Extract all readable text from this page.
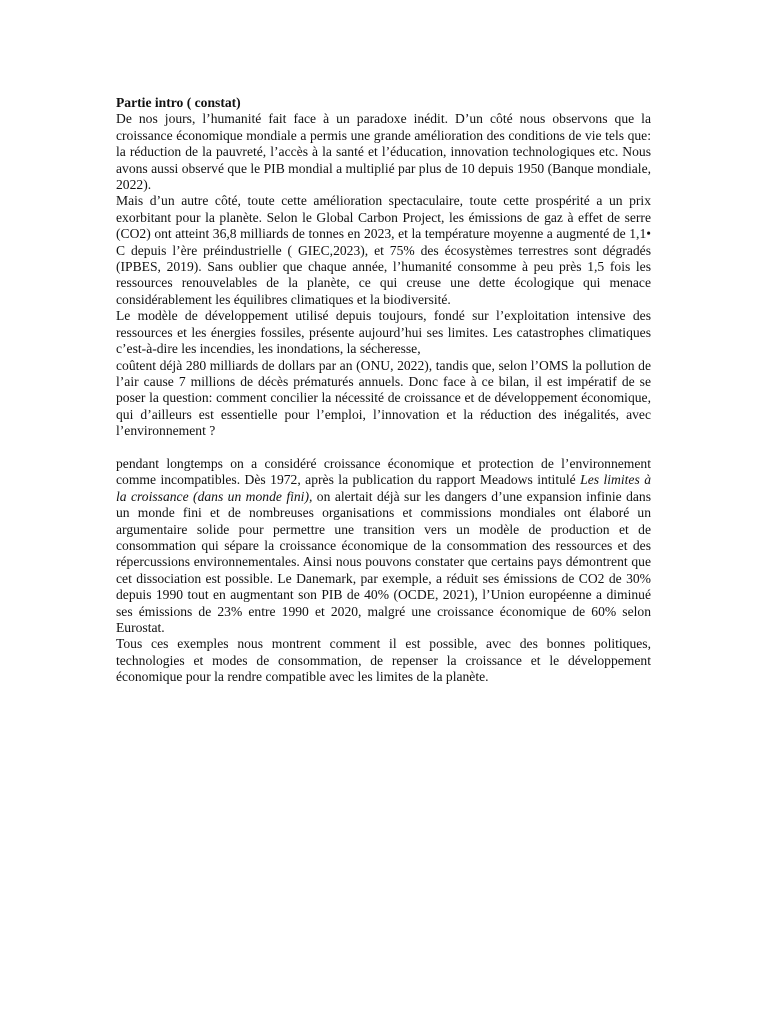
Partie intro ( constat)

De nos jours, l’humanité fait face à un paradoxe inédit. D’un côté nous observons que la croissance économique mondiale a permis une grande amélioration des conditions de vie tels que: la réduction de la pauvreté, l’accès à la santé et l’éducation, innovation technologiques etc. Nous avons aussi observé que le PIB mondial a multiplié par plus de 10 depuis 1950 (Banque mondiale, 2022).

Mais d’un autre côté, toute cette amélioration spectaculaire, toute cette prospérité a un prix exorbitant pour la planète. Selon le Global Carbon Project, les émissions de gaz à effet de serre (CO2) ont atteint 36,8 milliards de tonnes en 2023, et la température moyenne a augmenté de 1,1• C depuis l’ère préindustrielle ( GIEC,2023), et 75% des écosystèmes terrestres sont dégradés (IPBES, 2019). Sans oublier que chaque année, l’humanité consomme à peu près 1,5 fois les ressources renouvelables de la planète, ce qui creuse une dette écologique qui menace considérablement les équilibres climatiques et la biodiversité.

Le modèle de développement utilisé depuis toujours, fondé sur l’exploitation intensive des ressources et les énergies fossiles, présente aujourd’hui ses limites. Les catastrophes climatiques c’est-à-dire les incendies, les inondations, la sécheresse,

coûtent déjà 280 milliards de dollars par an (ONU, 2022), tandis que, selon l’OMS la pollution de l’air cause 7 millions de décès prématurés annuels. Donc face à ce bilan, il est impératif de se poser la question: comment concilier la nécessité de croissance et de développement économique, qui d’ailleurs est essentielle pour l’emploi, l’innovation et la réduction des inégalités, avec l’environnement ?

pendant longtemps on a considéré croissance économique et protection de l’environnement comme incompatibles. Dès 1972, après la publication du rapport Meadows intitulé Les limites à la croissance (dans un monde fini), on alertait déjà sur les dangers d’une expansion infinie dans un monde fini et de nombreuses organisations et commissions mondiales ont élaboré un argumentaire solide pour permettre une transition vers un modèle de production et de consommation qui sépare la croissance économique de la consommation des ressources et des répercussions environnementales. Ainsi nous pouvons constater que certains pays démontrent que cet dissociation est possible. Le Danemark, par exemple, a réduit ses émissions de CO2 de 30% depuis 1990 tout en augmentant son PIB de 40% (OCDE, 2021), l’Union européenne a diminué ses émissions de 23% entre 1990 et 2020, malgré une croissance économique de 60% selon Eurostat.

Tous ces exemples nous montrent comment il est possible, avec des bonnes politiques, technologies et modes de consommation, de repenser la croissance et le développement économique pour la rendre compatible avec les limites de la planète.
